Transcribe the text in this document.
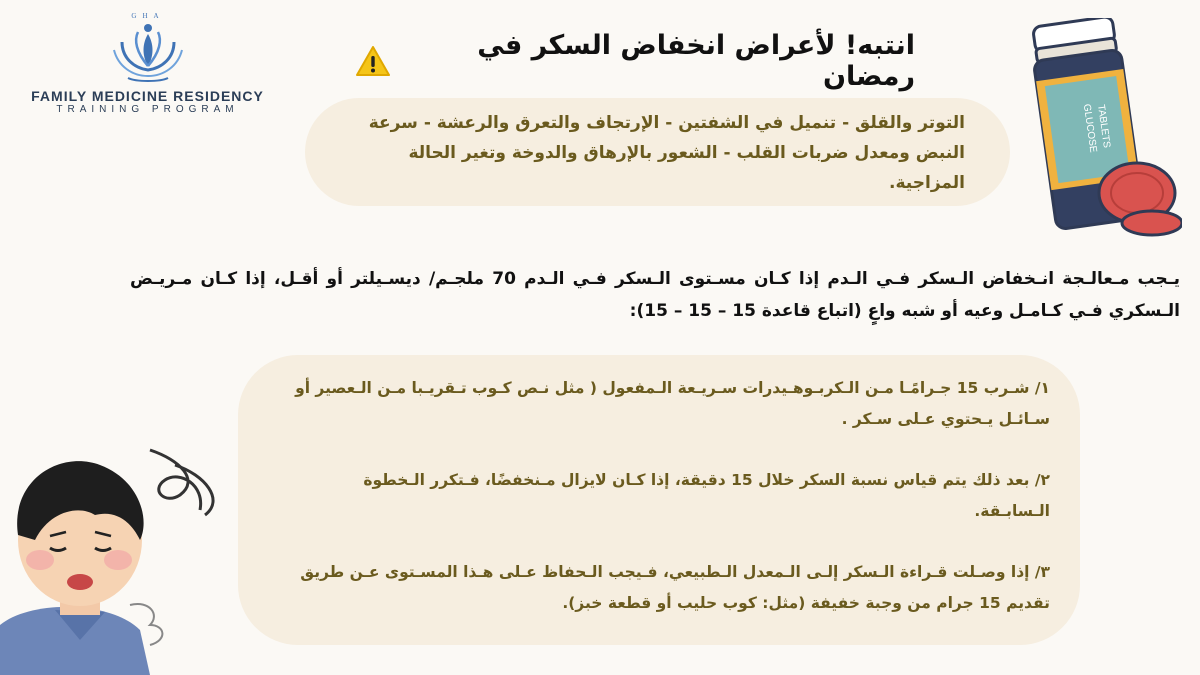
GHA
FAMILY MEDICINE RESIDENCY
TRAINING PROGRAM
انتبه! لأعراض انخفاض السكر في رمضان

التوتر والقلق - تنميل في الشفتين - الإرتجاف والتعرق والرعشة - سرعة النبض ومعدل ضربات القلب - الشعور بالإرهاق والدوخة وتغير الحالة المزاجية.

GLUCOSE
TABLETS

يـجب مـعالـجة انـخفاض الـسكر فـي الـدم إذا كـان مسـتوى الـسكر فـي الـدم 70 ملجـم/ ديسـيلتر أو أقـل، إذا كـان مـريـض الـسكري فـي كـامـل وعيه أو شبه واعٍ (اتباع قاعدة 15 – 15 – 15):

١/ شـرب 15 جـرامًـا مـن الـكربـوهـيدرات سـريـعة الـمفعول ( مثل نـص كـوب تـقريـبا مـن الـعصير أو سـائـل يـحتوي عـلى سـكر .

٢/ بعد ذلك يتم قياس نسبة السكر خلال 15 دقيقة، إذا كـان لايزال مـنخفضًا، فـتكرر الـخطوة الـسابـقة.

٣/ إذا وصـلت قـراءة الـسكر إلـى الـمعدل الـطبيعي، فـيجب الـحفاظ عـلى هـذا المسـتوى عـن طريق تقديم 15 جرام من وجبة خفيفة (مثل: كوب حليب أو قطعة خبز).
